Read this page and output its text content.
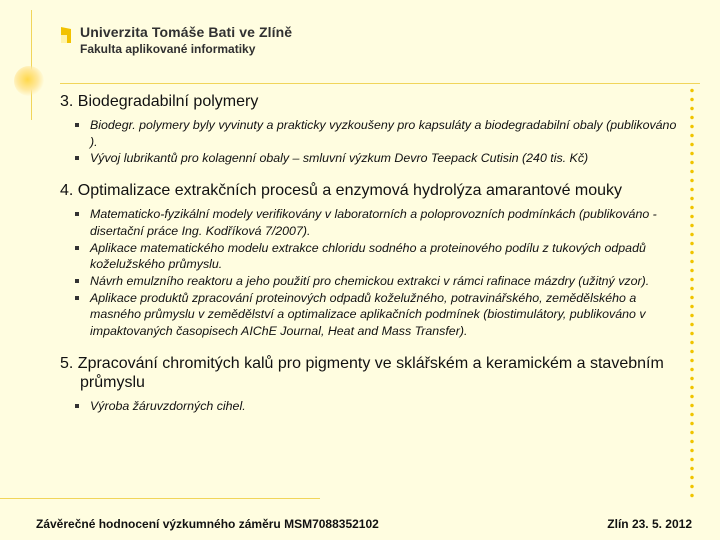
Univerzita Tomáše Bati ve Zlíně
Fakulta aplikované informatiky
3. Biodegradabilní polymery
Biodegr. polymery byly vyvinuty a prakticky vyzkoušeny pro kapsuláty a biodegradabilní obaly (publikováno ).
Vývoj lubrikantů pro kolagenní obaly – smluvní výzkum Devro Teepack Cutisin (240 tis. Kč)
4. Optimalizace extrakčních procesů a enzymová hydrolýza amarantové mouky
Matematicko-fyzikální modely verifikovány v laboratorních a poloprovozních podmínkách (publikováno - disertační práce Ing. Kodříková 7/2007).
Aplikace matematického modelu extrakce chloridu sodného a proteinového podílu z tukových odpadů koželužského průmyslu.
Návrh emulzního reaktoru a jeho použití pro chemickou extrakci v rámci rafinace mázdry (užitný vzor).
Aplikace produktů zpracování proteinových odpadů koželužného, potravinářského, zemědělského a masného průmyslu v zemědělství a optimalizace aplikačních podmínek (biostimulátory, publikováno v impaktovaných časopisech AIChE Journal, Heat and Mass Transfer).
5. Zpracování chromitých kalů pro pigmenty ve sklářském a keramickém a stavebním průmyslu
Výroba žáruvzdorných cihel.
Závěrečné hodnocení výzkumného záměru MSM7088352102	Zlín 23. 5. 2012
